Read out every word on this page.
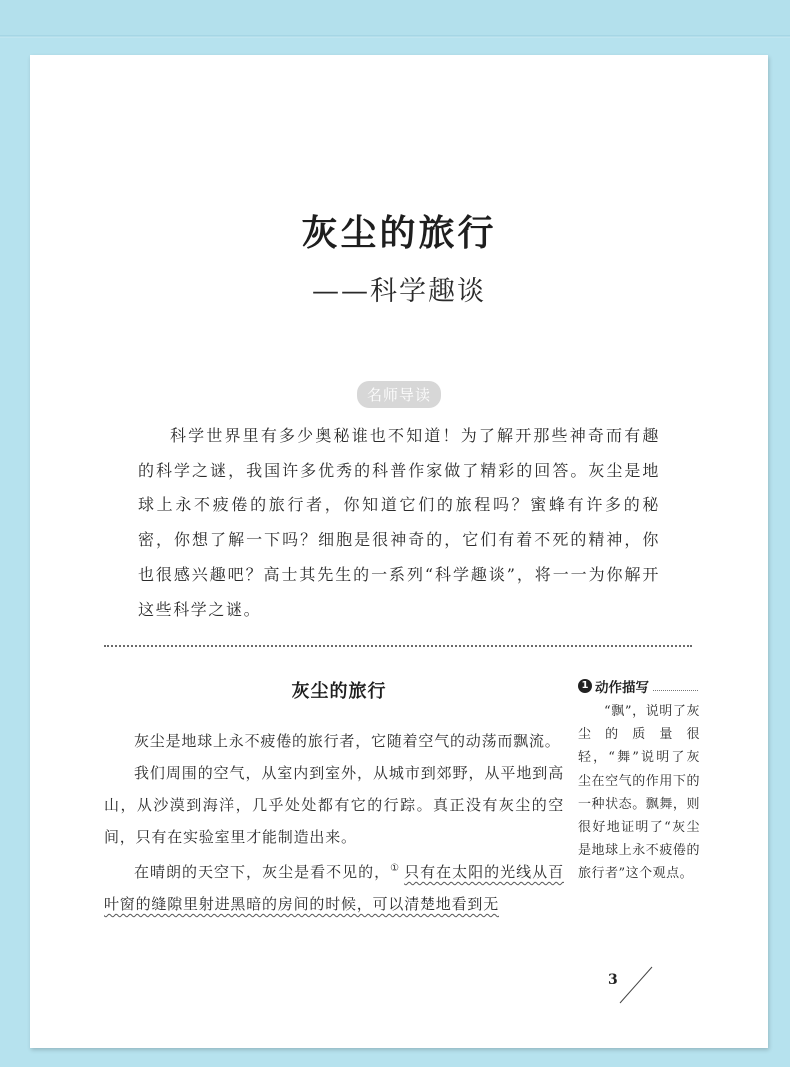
灰尘的旅行
——科学趣谈
名师导读

科学世界里有多少奥秘谁也不知道！为了解开那些神奇而有趣的科学之谜，我国许多优秀的科普作家做了精彩的回答。灰尘是地球上永不疲倦的旅行者，你知道它们的旅程吗？蜜蜂有许多的秘密，你想了解一下吗？细胞是很神奇的，它们有着不死的精神，你也很感兴趣吧？高士其先生的一系列“科学趣谈”，将一一为你解开这些科学之谜。

灰尘的旅行

灰尘是地球上永不疲倦的旅行者，它随着空气的动荡而飘流。

我们周围的空气，从室内到室外，从城市到郊野，从平地到高山，从沙漠到海洋，几乎处处都有它的行踪。真正没有灰尘的空间，只有在实验室里才能制造出来。

在晴朗的天空下，灰尘是看不见的，① 只有在太阳的光线从百叶窗的缝隙里射进黑暗的房间的时候，可以清楚地看到无

1 动作描写

“飘”，说明了灰尘的质量很轻，“舞”说明了灰尘在空气的作用下的一种状态。飘舞，则很好地证明了“灰尘是地球上永不疲倦的旅行者”这个观点。

3
